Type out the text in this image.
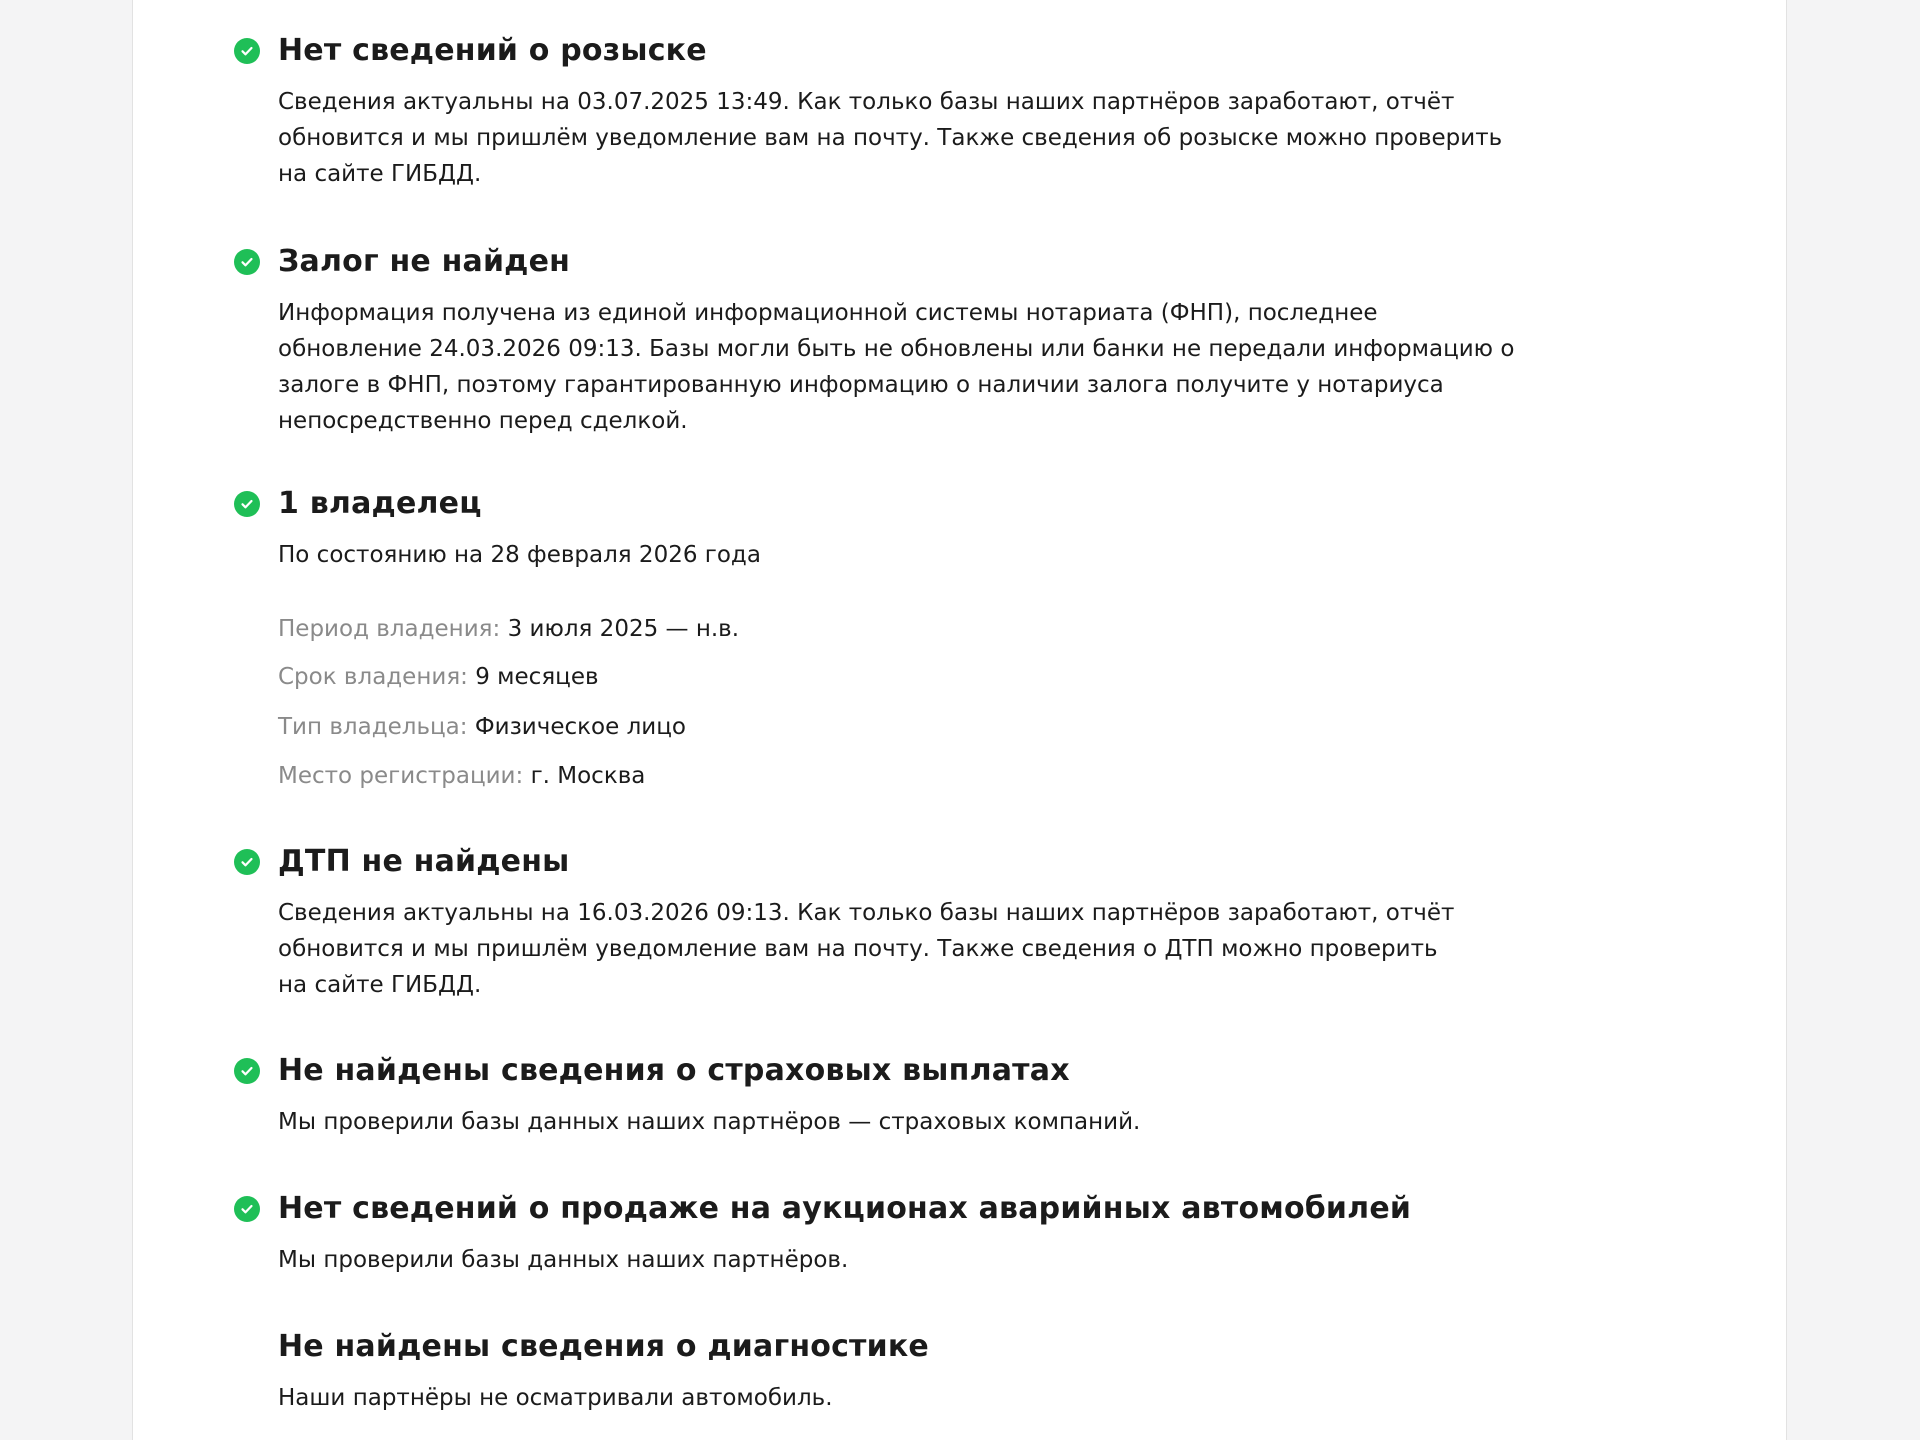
Нет сведений о розыске
Сведения актуальны на 03.07.2025 13:49. Как только базы наших партнёров заработают, отчёт
обновится и мы пришлём уведомление вам на почту. Также сведения об розыске можно проверить
на сайте ГИБДД.
Залог не найден
Информация получена из единой информационной системы нотариата (ФНП), последнее
обновление 24.03.2026 09:13. Базы могли быть не обновлены или банки не передали информацию о
залоге в ФНП, поэтому гарантированную информацию о наличии залога получите у нотариуса
непосредственно перед сделкой.
1 владелец
По состоянию на 28 февраля 2026 года
Период владения: 3 июля 2025 — н.в.
Срок владения: 9 месяцев
Тип владельца: Физическое лицо
Место регистрации: г. Москва
ДТП не найдены
Сведения актуальны на 16.03.2026 09:13. Как только базы наших партнёров заработают, отчёт
обновится и мы пришлём уведомление вам на почту. Также сведения о ДТП можно проверить
на сайте ГИБДД.
Не найдены сведения о страховых выплатах
Мы проверили базы данных наших партнёров — страховых компаний.
Нет сведений о продаже на аукционах аварийных автомобилей
Мы проверили базы данных наших партнёров.
Не найдены сведения о диагностике
Наши партнёры не осматривали автомобиль.
